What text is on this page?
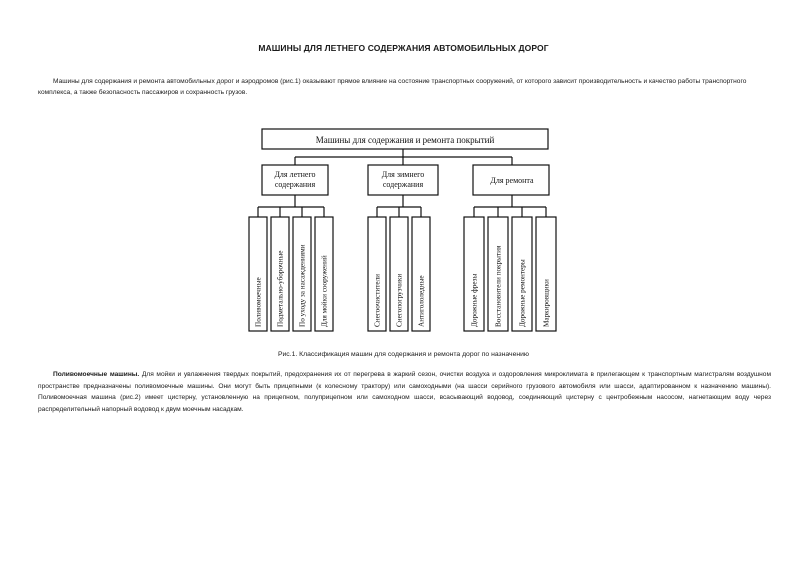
МАШИНЫ ДЛЯ ЛЕТНЕГО СОДЕРЖАНИЯ АВТОМОБИЛЬНЫХ ДОРОГ
Машины для содержания и ремонта автомобильных дорог и аэродромов (рис.1) оказывают прямое влияние на состояние транспортных сооружений, от которого зависит производительность и качество работы транспортного комплекса, а также безопасность пассажиров и сохранность грузов.
Машины для содержания и ремонта покрытий
Для летнего
содержания
Поливомоечные Подметально-уборочные По уходу за насаждениями Для мойки сооружений
Для зимнего
содержания
Снегоочистители Снегопогрузчики Антигололедные
Для ремонта
Дорожные фрезы Восстановители покрытия Дорожные ремонтеры Маркировщики
Рис.1. Классификация машин для содержания и ремонта дорог по назначению
Поливомоечные машины. Для мойки и увлажнения твердых покрытий, предохранения их от перегрева в жаркий сезон, очистки воздуха и оздоровления микроклимата в прилегающем к транспортным магистралям воздушном пространстве предназначены поливомоечные машины. Они могут быть прицепными (к колесному трактору) или самоходными (на шасси серийного грузового автомобиля или шасси, адаптированном к назначению машины). Поливомоечная машина (рис.2) имеет цистерну, установленную на прицепном, полуприцепном или самоходном шасси, всасывающий водовод, соединяющий цистерну с центробежным насосом, нагнетающим воду через распределительный напорный водовод к двум моечным насадкам.
